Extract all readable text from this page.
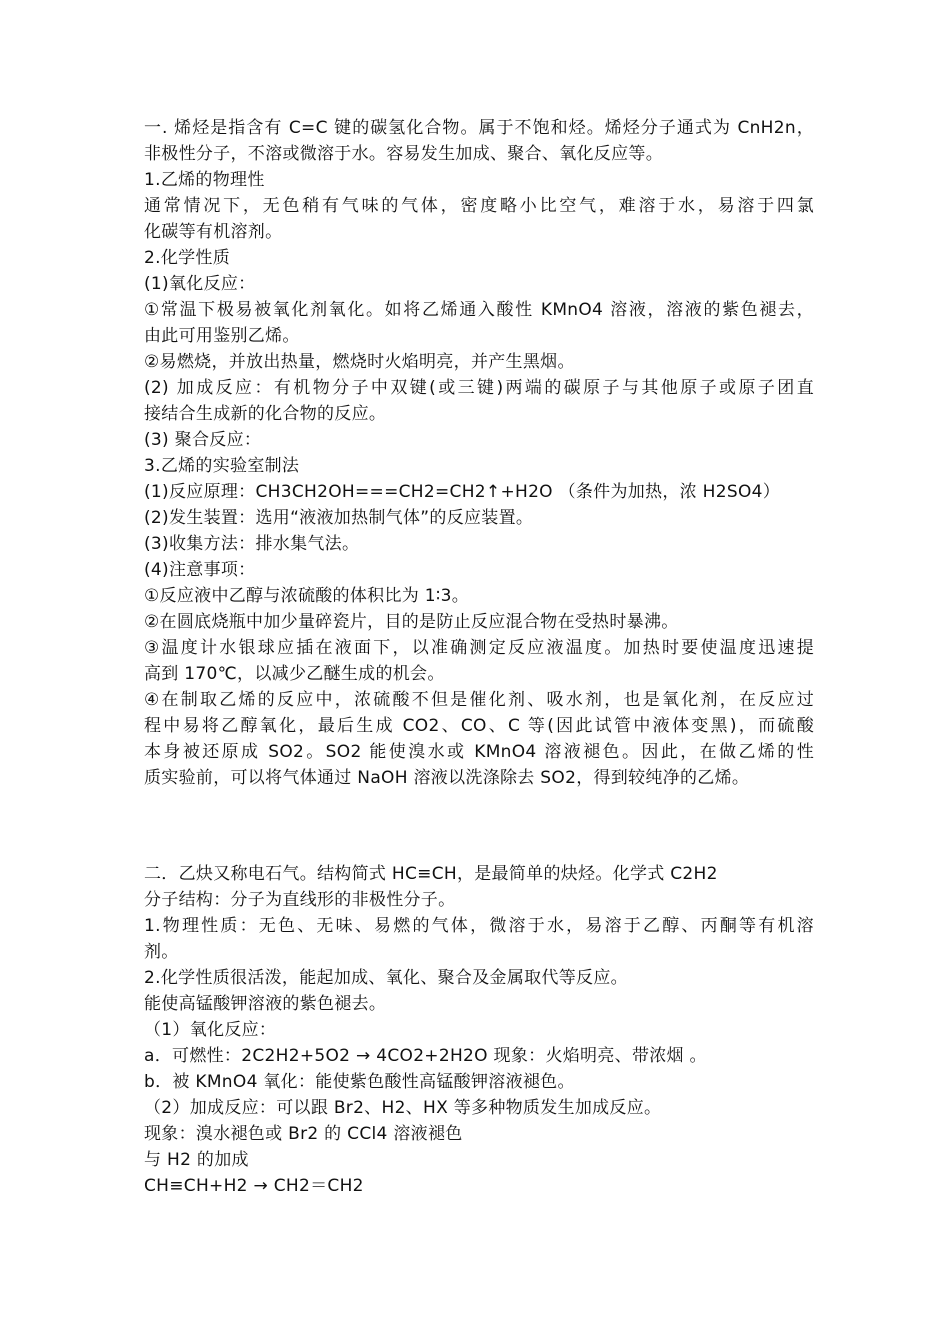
一. 烯烃是指含有 C=C 键的碳氢化合物。属于不饱和烃。烯烃分子通式为 CnH2n，
非极性分子，不溶或微溶于水。容易发生加成、聚合、氧化反应等。
1.乙烯的物理性
通常情况下，无色稍有气味的气体，密度略小比空气，难溶于水，易溶于四氯
化碳等有机溶剂。
2.化学性质
(1)氧化反应：
①常温下极易被氧化剂氧化。如将乙烯通入酸性 KMnO4 溶液，溶液的紫色褪去，
由此可用鉴别乙烯。
②易燃烧，并放出热量，燃烧时火焰明亮，并产生黑烟。
(2) 加成反应：有机物分子中双键(或三键)两端的碳原子与其他原子或原子团直
接结合生成新的化合物的反应。
(3) 聚合反应：
3.乙烯的实验室制法
(1)反应原理：CH3CH2OH===CH2=CH2↑+H2O （条件为加热，浓 H2SO4）
(2)发生装置：选用“液液加热制气体”的反应装置。
(3)收集方法：排水集气法。
(4)注意事项：
①反应液中乙醇与浓硫酸的体积比为 1∶3。
②在圆底烧瓶中加少量碎瓷片，目的是防止反应混合物在受热时暴沸。
③温度计水银球应插在液面下，以准确测定反应液温度。加热时要使温度迅速提
高到 170℃，以减少乙醚生成的机会。
④在制取乙烯的反应中，浓硫酸不但是催化剂、吸水剂，也是氧化剂，在反应过
程中易将乙醇氧化，最后生成 CO2、CO、C 等(因此试管中液体变黑)，而硫酸
本身被还原成 SO2。SO2 能使溴水或 KMnO4 溶液褪色。因此，在做乙烯的性
质实验前，可以将气体通过 NaOH 溶液以洗涤除去 SO2，得到较纯净的乙烯。
二．乙炔又称电石气。结构简式 HC≡CH，是最简单的炔烃。化学式 C2H2
分子结构：分子为直线形的非极性分子。
1.物理性质：无色、无味、易燃的气体，微溶于水，易溶于乙醇、丙酮等有机溶
剂。
2.化学性质很活泼，能起加成、氧化、聚合及金属取代等反应。
能使高锰酸钾溶液的紫色褪去。
（1）氧化反应：
a．可燃性：2C2H2+5O2 → 4CO2+2H2O 现象：火焰明亮、带浓烟 。
b．被 KMnO4 氧化：能使紫色酸性高锰酸钾溶液褪色。
（2）加成反应：可以跟 Br2、H2、HX 等多种物质发生加成反应。
现象：溴水褪色或 Br2 的 CCl4 溶液褪色
与 H2 的加成
CH≡CH+H2 → CH2＝CH2
